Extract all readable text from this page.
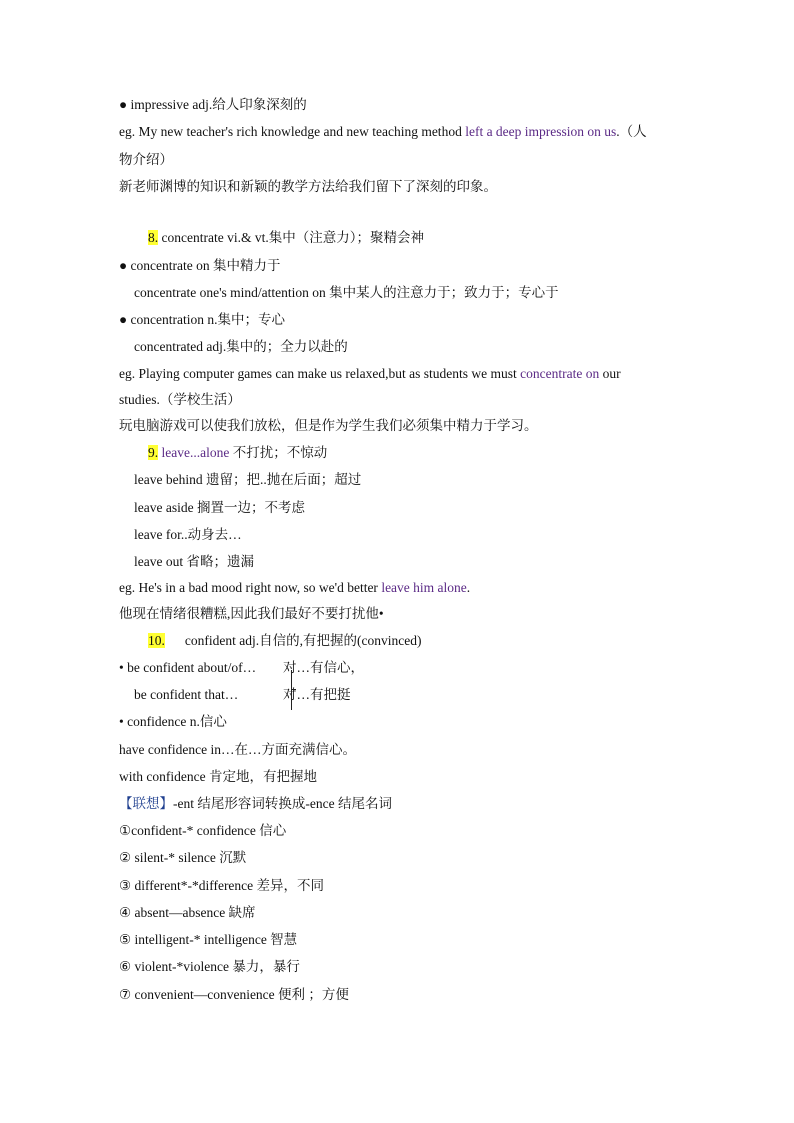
● impressive adj.给人印象深刻的
eg. My new teacher's rich knowledge and new teaching method left a deep impression on us.（人
物介绍）
新老师渊博的知识和新颖的教学方法给我们留下了深刻的印象。
8. concentrate vi.& vt.集中（注意力）；聚精会神
● concentrate on 集中精力于
concentrate one's mind/attention on 集中某人的注意力于；致力于；专心于
● concentration n.集中；专心
concentrated adj.集中的；全力以赴的
eg. Playing computer games can make us relaxed,but as students we must concentrate on our
studies.（学校生活）
玩电脑游戏可以使我们放松，但是作为学生我们必须集中精力于学习。
9. leave...alone 不打扰；不惊动
leave behind 遗留；把..抛在后面；超过
leave aside 搁置一边；不考虑
leave for..动身去…
leave out 省略；遗漏
eg. He's in a bad mood right now, so we'd better leave him alone.
他现在情绪很糟糕,因此我们最好不要打扰他•
10. confident adj.自信的,有把握的(convinced)
• be confident about/of… 对…有信心，
be confident that…	对…有把挺
• confidence n.信心
have confidence in…在…方面充满信心。
with confidence 肯定地，有把握地
【联想】-ent 结尾形容词转换成-ence 结尾名词
①confident-* confidence 信心
② silent-* silence 沉默
③ different*-*difference 差异，不同
④ absent—absence 缺席
⑤ intelligent-* intelligence 智慧
⑥ violent-*violence 暴力，暴行
⑦ convenient—convenience 便利 ；方便
